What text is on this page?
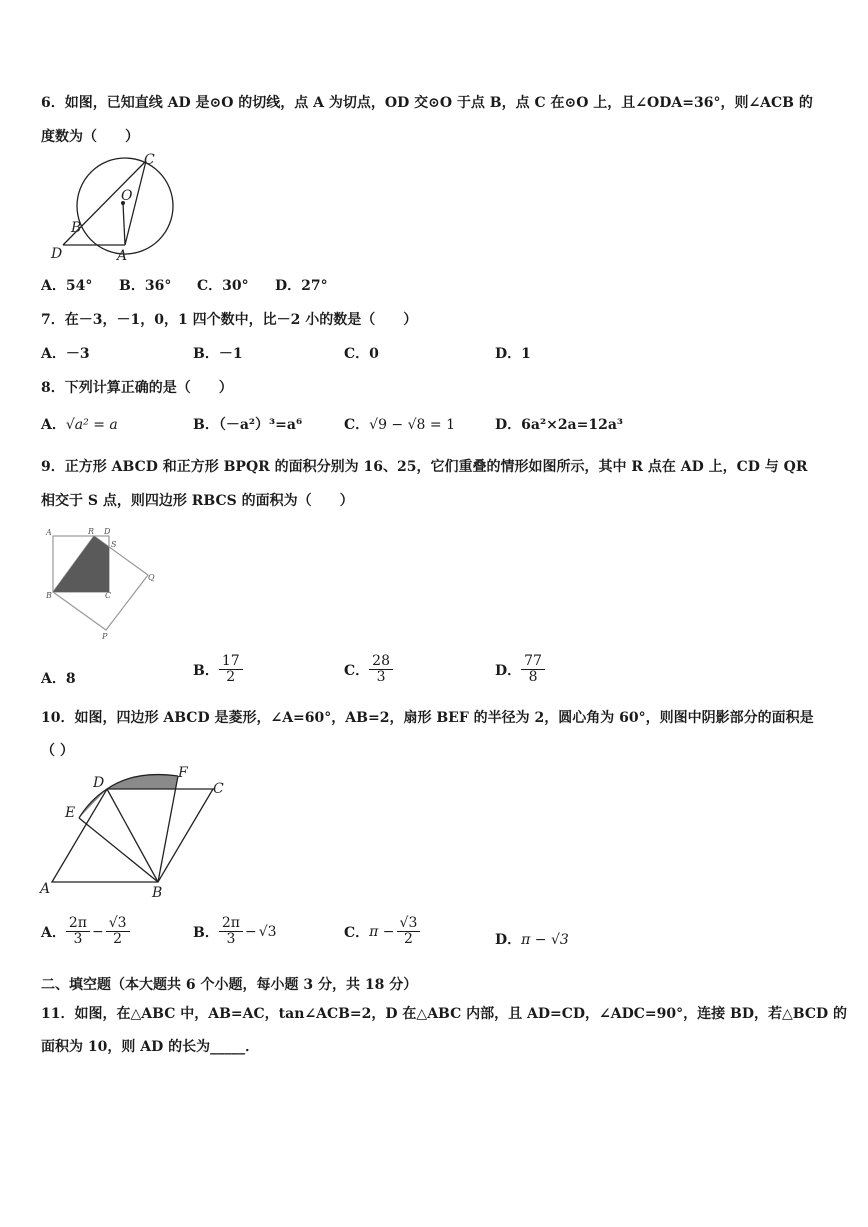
6．如图，已知直线 AD 是⊙O 的切线，点 A 为切点，OD 交⊙O 于点 B，点 C 在⊙O 上，且∠ODA=36°，则∠ACB 的
度数为（　　）
C
O
B
D	A
A．54° B．36° C．30° D．27°
7．在－3，－1，0，1 四个数中，比－2 小的数是（　　）
A．－3	B．－1	C．0	D．1
8．下列计算正确的是（　　）
A．√a² = a	B．（－a²）³=a⁶	C．√9 − √8 = 1	D．6a²×2a=12a³
9．正方形 ABCD 和正方形 BPQR 的面积分别为 16、25，它们重叠的情形如图所示，其中 R 点在 AD 上，CD 与 QR
相交于 S 点，则四边形 RBCS 的面积为（　　）
A	R D
S
Q
B	C
P
A．8
B． $\frac{17}{2}$	C． $\frac{28}{3}$	D． $\frac{77}{8}$
10．如图，四边形 ABCD 是菱形，∠A=60°，AB=2，扇形 BEF 的半径为 2，圆心角为 60°，则图中阴影部分的面积是
（ ）
D
F
C
E
A	B
A． $\frac{2\pi}{3} - \frac{√3}{2}$	B． $\frac{2\pi}{3} - √3$	C．$\pi - \frac{√3}{2}$	D．π − √3
二、填空题（本大题共 6 个小题，每小题 3 分，共 18 分）
11．如图，在△ABC 中，AB=AC，tan∠ACB=2，D 在△ABC 内部，且 AD=CD，∠ADC=90°，连接 BD，若△BCD 的
面积为 10，则 AD 的长为_____．
